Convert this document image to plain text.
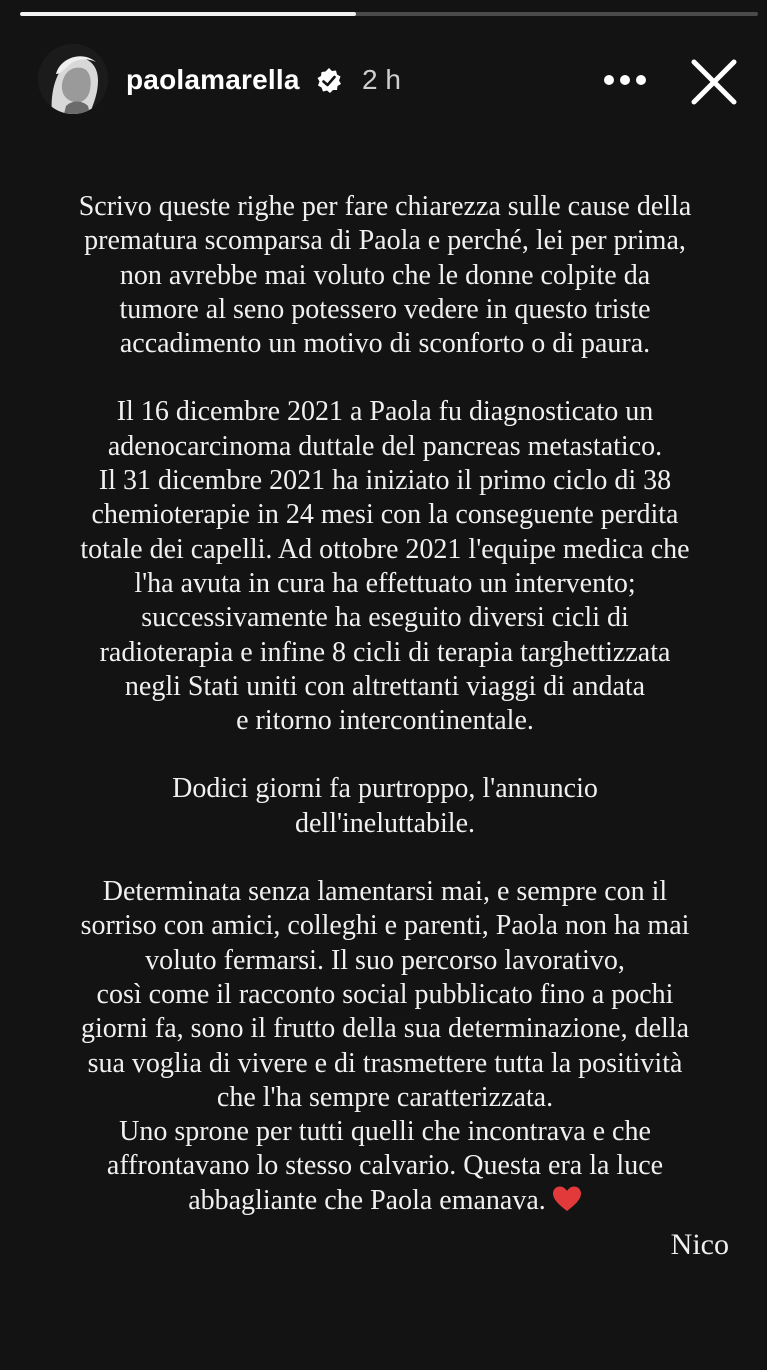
paolamarella 2 h
Scrivo queste righe per fare chiarezza sulle cause della
prematura scomparsa di Paola e perché, lei per prima,
non avrebbe mai voluto che le donne colpite da
tumore al seno potessero vedere in questo triste
accadimento un motivo di sconforto o di paura.
Il 16 dicembre 2021 a Paola fu diagnosticato un
adenocarcinoma duttale del pancreas metastatico.
Il 31 dicembre 2021 ha iniziato il primo ciclo di 38
chemioterapie in 24 mesi con la conseguente perdita
totale dei capelli. Ad ottobre 2021 l'equipe medica che
l'ha avuta in cura ha effettuato un intervento;
successivamente ha eseguito diversi cicli di
radioterapia e infine 8 cicli di terapia targhettizzata
negli Stati uniti con altrettanti viaggi di andata
e ritorno intercontinentale.
Dodici giorni fa purtroppo, l'annuncio
dell'ineluttabile.
Determinata senza lamentarsi mai, e sempre con il
sorriso con amici, colleghi e parenti, Paola non ha mai
voluto fermarsi. Il suo percorso lavorativo,
così come il racconto social pubblicato fino a pochi
giorni fa, sono il frutto della sua determinazione, della
sua voglia di vivere e di trasmettere tutta la positività
che l'ha sempre caratterizzata.
Uno sprone per tutti quelli che incontrava e che
affrontavano lo stesso calvario. Questa era la luce
abbagliante che Paola emanava.
Nico
